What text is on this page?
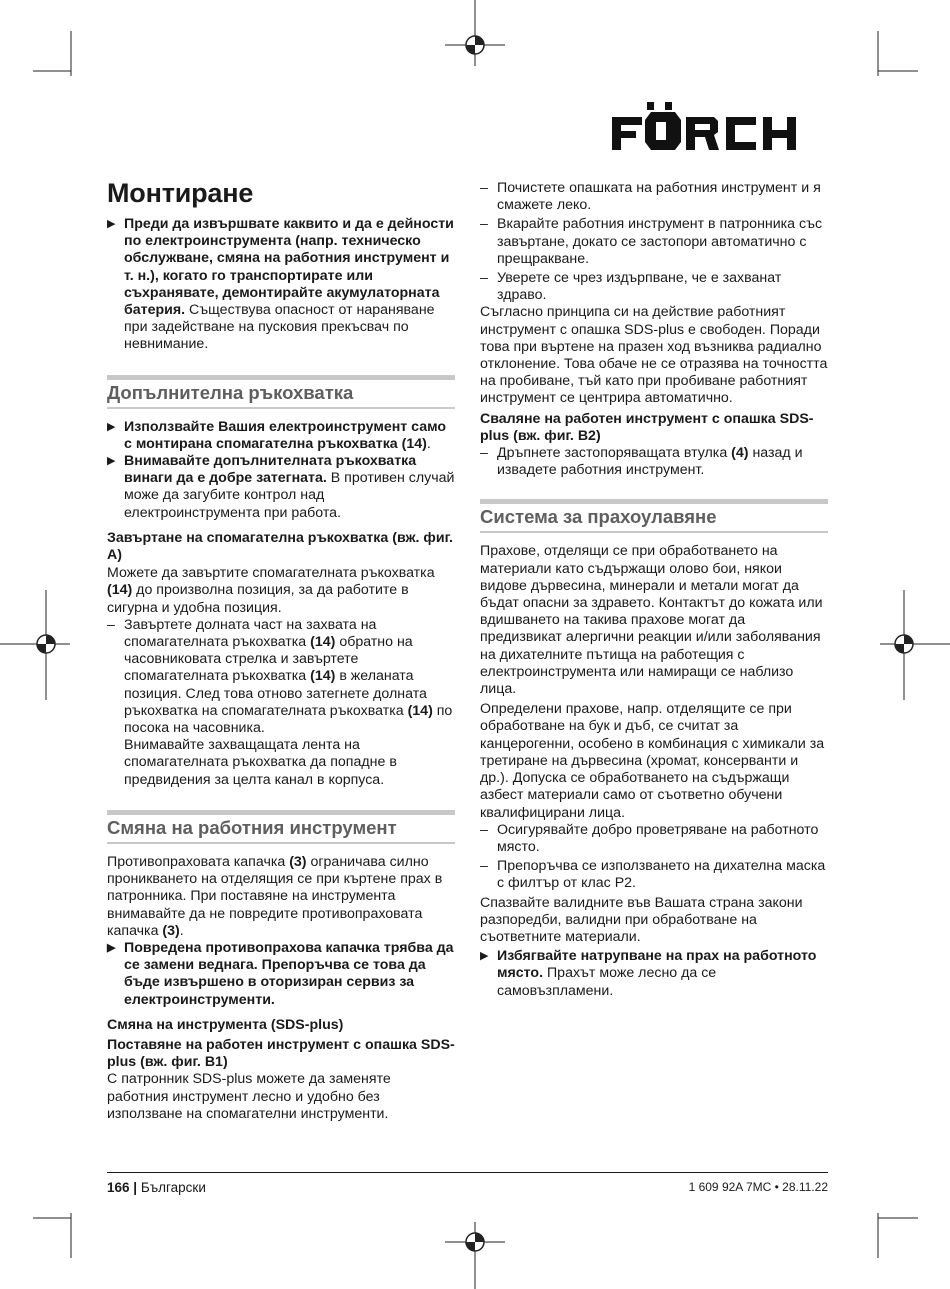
Монтиране

▶ Преди да извършвате каквито и да е дейности по електроинструмента (напр. техническо обслужване, смяна на работния инструмент и т. н.), когато го транспортирате или съхранявате, демонтирайте акумулаторната батерия. Съществува опасност от нараняване при задействане на пусковия прекъсвач по невнимание.

Допълнителна ръкохватка

▶ Използвайте Вашия електроинструмент само с монтирана спомагателна ръкохватка (14).

▶ Внимавайте допълнителната ръкохватка винаги да е добре затегната. В противен случай може да загубите контрол над електроинструмента при работа.

Завъртане на спомагателна ръкохватка (вж. фиг. A)

Можете да завъртите спомагателната ръкохватка (14) до произволна позиция, за да работите в сигурна и удобна позиция.

– Завъртете долната част на захвата на спомагателната ръкохватка (14) обратно на часовниковата стрелка и завъртете спомагателната ръкохватка (14) в желаната позиция. След това отново затегнете долната ръкохватка на спомагателната ръкохватка (14) по посока на часовника.

Внимавайте захващащата лента на спомагателната ръкохватка да попадне в предвидения за целта канал в корпуса.

Смяна на работния инструмент

Противопраховата капачка (3) ограничава силно проникването на отделящия се при къртене прах в патронника. При поставяне на инструмента внимавайте да не повредите противопраховата капачка (3).

▶ Повредена противопрахова капачка трябва да се замени веднага. Препоръчва се това да бъде извършено в оторизиран сервиз за електроинструменти.

Смяна на инструмента (SDS-plus)

Поставяне на работен инструмент с опашка SDS-plus (вж. фиг. B1)

С патронник SDS-plus можете да заменяте работния инструмент лесно и удобно без използване на спомагателни инструменти.

– Почистете опашката на работния инструмент и я смажете леко.

– Вкарайте работния инструмент в патронника със завъртане, докато се застопори автоматично с прещракване.

– Уверете се чрез издърпване, че е захванат здраво.

Съгласно принципа си на действие работният инструмент с опашка SDS-plus е свободен. Поради това при въртене на празен ход възниква радиално отклонение. Това обаче не се отразява на точността на пробиване, тъй като при пробиване работният инструмент се центрира автоматично.

Сваляне на работен инструмент с опашка SDS-plus (вж. фиг. B2)

– Дръпнете застопоряващата втулка (4) назад и извадете работния инструмент.

Система за прахоулавяне

Прахове, отделящи се при обработването на материали като съдържащи олово бои, някои видове дървесина, минерали и метали могат да бъдат опасни за здравето. Контактът до кожата или вдишването на такива прахове могат да предизвикат алергични реакции и/или заболявания на дихателните пътища на работещия с електроинструмента или намиращи се наблизо лица.

Определени прахове, напр. отделящите се при обработване на бук и дъб, се считат за канцерогенни, особено в комбинация с химикали за третиране на дървесина (хромат, консерванти и др.). Допуска се обработването на съдържащи азбест материали само от съответно обучени квалифицирани лица.

– Осигурявайте добро проветряване на работното място.

– Препоръчва се използването на дихателна маска с филтър от клас P2.

Спазвайте валидните във Вашата страна закони разпоредби, валидни при обработване на съответните материали.

▶ Избягвайте натрупване на прах на работното място. Прахът може лесно да се самовъзпламени.

166 | Български	1 609 92A 7MC • 28.11.22
